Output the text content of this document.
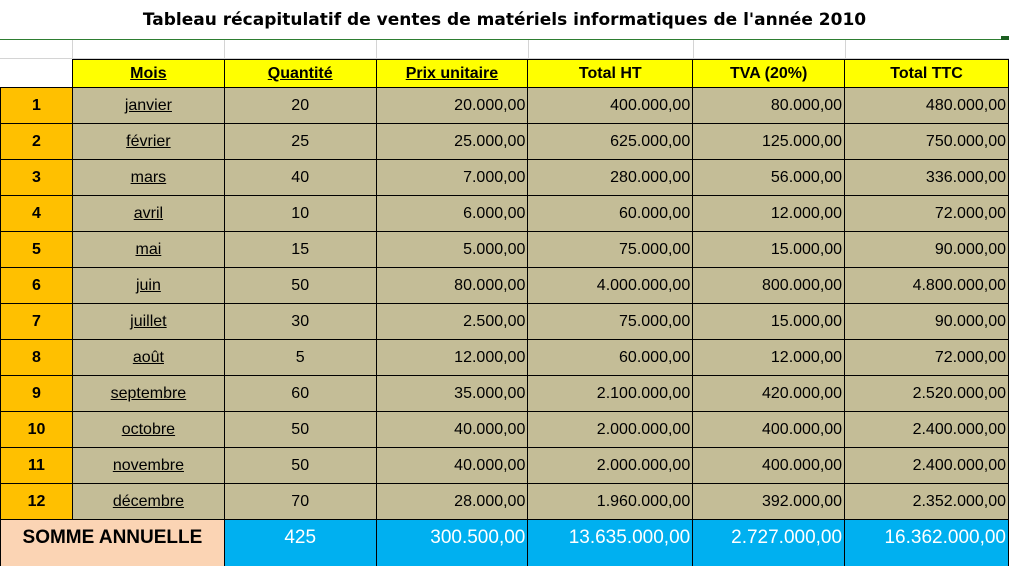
Tableau récapitulatif de ventes de matériels informatiques de l'année 2010
	Mois	Quantité	Prix unitaire	Total HT	TVA (20%)	Total TTC
1	janvier	20	20.000,00	400.000,00	80.000,00	480.000,00
2	février	25	25.000,00	625.000,00	125.000,00	750.000,00
3	mars	40	7.000,00	280.000,00	56.000,00	336.000,00
4	avril	10	6.000,00	60.000,00	12.000,00	72.000,00
5	mai	15	5.000,00	75.000,00	15.000,00	90.000,00
6	juin	50	80.000,00	4.000.000,00	800.000,00	4.800.000,00
7	juillet	30	2.500,00	75.000,00	15.000,00	90.000,00
8	août	5	12.000,00	60.000,00	12.000,00	72.000,00
9	septembre	60	35.000,00	2.100.000,00	420.000,00	2.520.000,00
10	octobre	50	40.000,00	2.000.000,00	400.000,00	2.400.000,00
11	novembre	50	40.000,00	2.000.000,00	400.000,00	2.400.000,00
12	décembre	70	28.000,00	1.960.000,00	392.000,00	2.352.000,00
SOMME ANNUELLE		425	300.500,00	13.635.000,00	2.727.000,00	16.362.000,00
